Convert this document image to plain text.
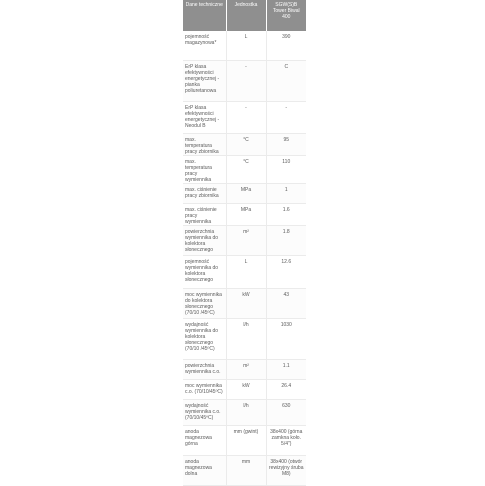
Dane techniczne	Jednostka	SGW(S)B Tower Biwal 400
pojemność magazynowa*	L	390
ErP klasa efektywności energetycznej - pianka poliuretanowa	-	C
ErP klasa efektywności energetycznej - Neodul B	-	-
max. temperatura pracy zbiornika	°C	95
max. temperatura pracy wymiennika	°C	110
max. ciśnienie pracy zbiornika	MPa	1
max. ciśnienie pracy wymiennika	MPa	1.6
powierzchnia wymiennika do kolektora słonecznego	m²	1.8
pojemność wymiennika do kolektora słonecznego	L	12.6
moc wymiennika do kolektora słonecznego (70/10 /45ºC)	kW	43
wydajność wymiennika do kolektora słonecznego (70/10 /45ºC)	l/h	1030
powierzchnia wymiennika c.o.	m²	1.1
moc wymiennika c.o. (70/10/45ºC)	kW	26.4
wydajność wymiennika c.o. (70/10/45ºC)	l/h	630
anoda magnezowa górna	mm (gwint)	38x400 (górna zamkna koło. 5/4")
anoda magnezowa dolna	mm	38x400 (otwór rewizyjny śruba M8)
